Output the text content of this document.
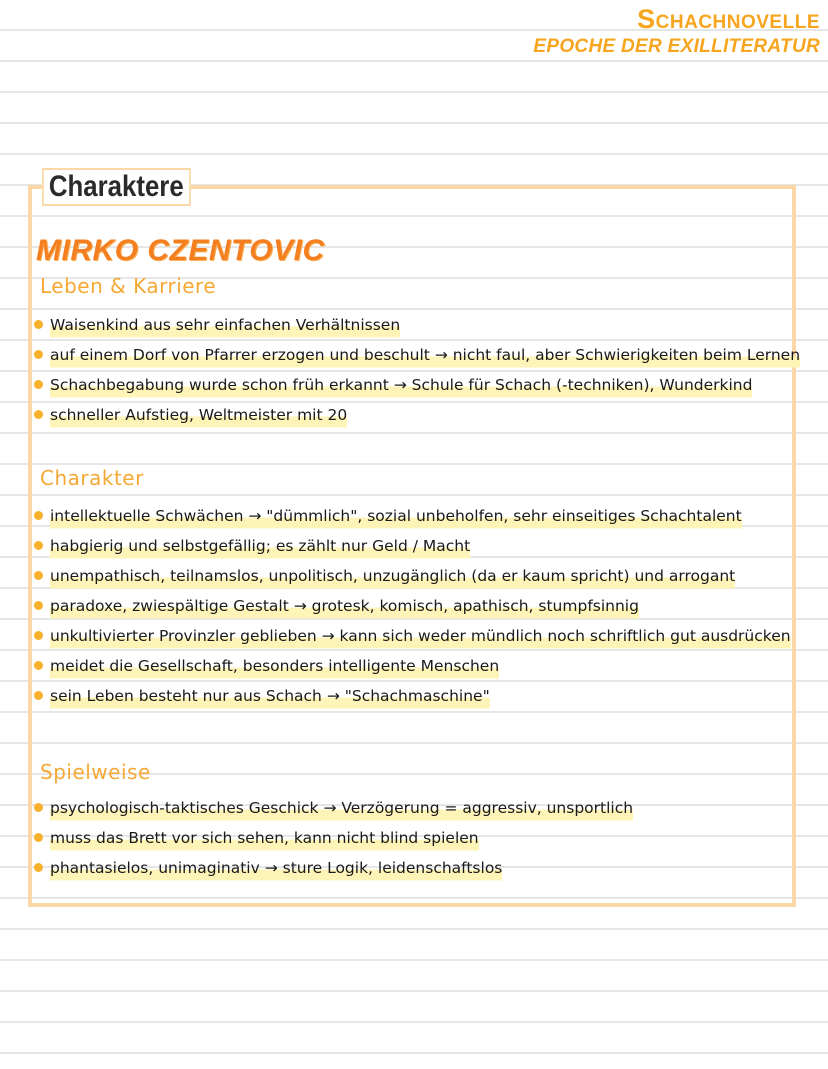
Schachnovelle
EPOCHE DER EXILLITERATUR
Charaktere
MIRKO CZENTOVIC
Leben & Karriere
Waisenkind aus sehr einfachen Verhältnissen
auf einem Dorf von Pfarrer erzogen und beschult → nicht faul, aber Schwierigkeiten beim Lernen
Schachbegabung wurde schon früh erkannt → Schule für Schach (-techniken), Wunderkind
schneller Aufstieg, Weltmeister mit 20
Charakter
intellektuelle Schwächen → "dümmlich", sozial unbeholfen, sehr einseitiges Schachtalent
habgierig und selbstgefällig; es zählt nur Geld / Macht
unempathisch, teilnamslos, unpolitisch, unzugänglich (da er kaum spricht) und arrogant
paradoxe, zwiespältige Gestalt → grotesk, komisch, apathisch, stumpfsinnig
unkultivierter Provinzler geblieben → kann sich weder mündlich noch schriftlich gut ausdrücken
meidet die Gesellschaft, besonders intelligente Menschen
sein Leben besteht nur aus Schach → "Schachmaschine"
Spielweise
psychologisch-taktisches Geschick → Verzögerung = aggressiv, unsportlich
muss das Brett vor sich sehen, kann nicht blind spielen
phantasielos, unimaginativ → sture Logik, leidenschaftslos
